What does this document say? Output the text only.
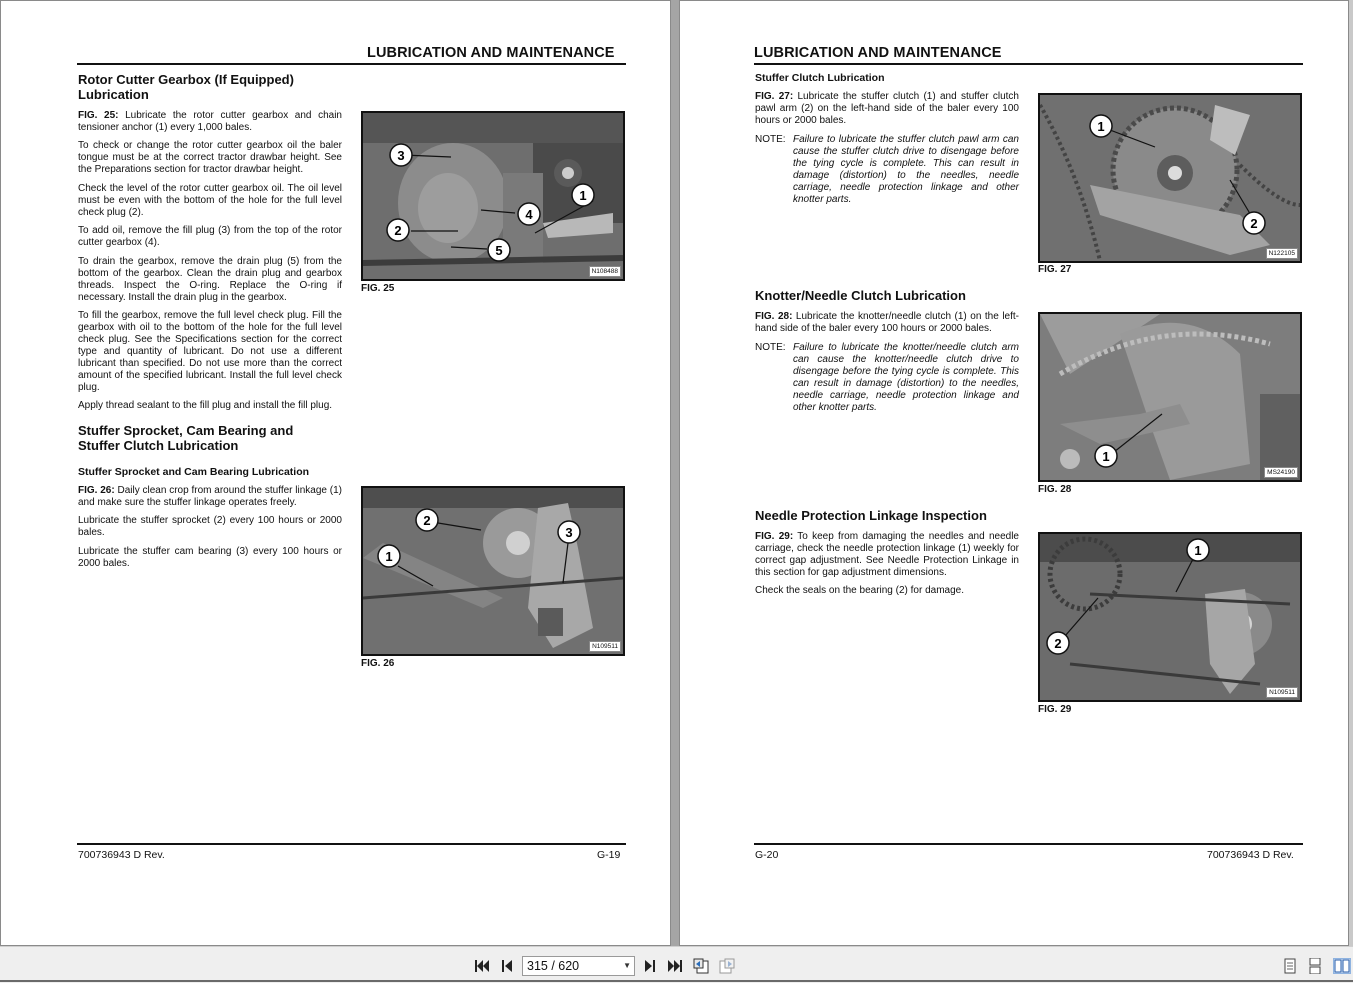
LUBRICATION AND MAINTENANCE
Rotor Cutter Gearbox (If Equipped)
Lubrication

FIG. 25: Lubricate the rotor cutter gearbox and chain tensioner anchor (1) every 1,000 bales.

To check or change the rotor cutter gearbox oil the baler tongue must be at the correct tractor drawbar height. See the Preparations section for tractor drawbar height.

Check the level of the rotor cutter gearbox oil. The oil level must be even with the bottom of the hole for the full level check plug (2).

To add oil, remove the fill plug (3) from the top of the rotor cutter gearbox (4).

To drain the gearbox, remove the drain plug (5) from the bottom of the gearbox. Clean the drain plug and gearbox threads. Inspect the O-ring. Replace the O-ring if necessary. Install the drain plug in the gearbox.

To fill the gearbox, remove the full level check plug. Fill the gearbox with oil to the bottom of the hole for the full level check plug. See the Specifications section for the correct type and quantity of lubricant. Do not use a different lubricant than specified. Do not use more than the correct amount of the specified lubricant. Install the full level check plug.

Apply thread sealant to the fill plug and install the fill plug.

Stuffer Sprocket, Cam Bearing and
Stuffer Clutch Lubrication
Stuffer Sprocket and Cam Bearing Lubrication

FIG. 26: Daily clean crop from around the stuffer linkage (1) and make sure the stuffer linkage operates freely.

Lubricate the stuffer sprocket (2) every 100 hours or 2000 bales.

Lubricate the stuffer cam bearing (3) every 100 hours or 2000 bales.

3
1
4
2
5
N108488
FIG. 25
2
3
1
N109511
FIG. 26
700736943 D Rev.	G-19
LUBRICATION AND MAINTENANCE
Stuffer Clutch Lubrication

FIG. 27: Lubricate the stuffer clutch (1) and stuffer clutch pawl arm (2) on the left-hand side of the baler every 100 hours or 2000 bales.

NOTE: Failure to lubricate the stuffer clutch pawl arm can cause the stuffer clutch drive to disengage before the tying cycle is complete. This can result in damage (distortion) to the needles, needle carriage, needle protection linkage and other knotter parts.
Knotter/Needle Clutch Lubrication

FIG. 28: Lubricate the knotter/needle clutch (1) on the left-hand side of the baler every 100 hours or 2000 bales.

NOTE: Failure to lubricate the knotter/needle clutch arm can cause the knotter/needle clutch drive to disengage before the tying cycle is complete. This can result in damage (distortion) to the needles, needle carriage, needle protection linkage and other knotter parts.
Needle Protection Linkage Inspection

FIG. 29: To keep from damaging the needles and needle carriage, check the needle protection linkage (1) weekly for correct gap adjustment. See Needle Protection Linkage in this section for gap adjustment dimensions.

Check the seals on the bearing (2) for damage.

1
2
N122105
FIG. 27
1
MS24190
FIG. 28
1
2
N109511
FIG. 29
G-20	700736943 D Rev.
315 / 620	▼
